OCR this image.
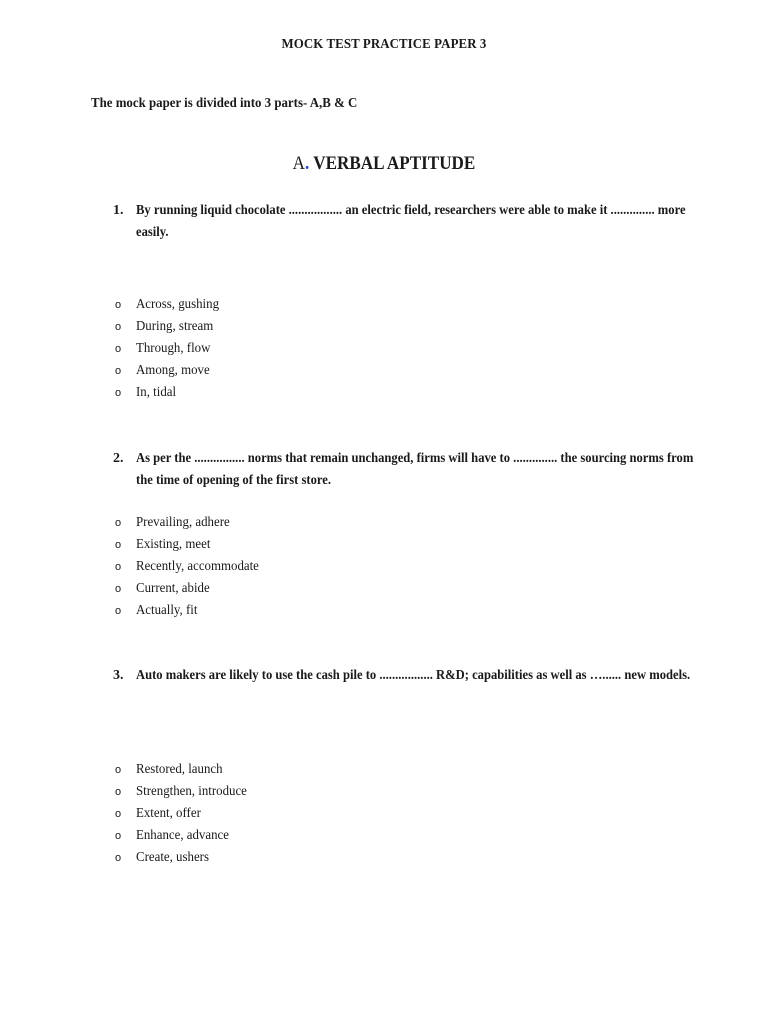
MOCK TEST PRACTICE PAPER 3
The mock paper is divided into 3 parts- A,B & C
A. VERBAL APTITUDE
1. By running liquid chocolate ................. an electric field, researchers were able to make it .............. more easily.
o Across, gushing
o During, stream
o Through, flow
o Among, move
o In, tidal
2. As per the ................ norms that remain unchanged, firms will have to .............. the sourcing norms from the time of opening of the first store.
o Prevailing, adhere
o Existing, meet
o Recently, accommodate
o Current, abide
o Actually, fit
3. Auto makers are likely to use the cash pile to ................. R&D; capabilities as well as …...... new models.
o Restored, launch
o Strengthen, introduce
o Extent, offer
o Enhance, advance
o Create, ushers
